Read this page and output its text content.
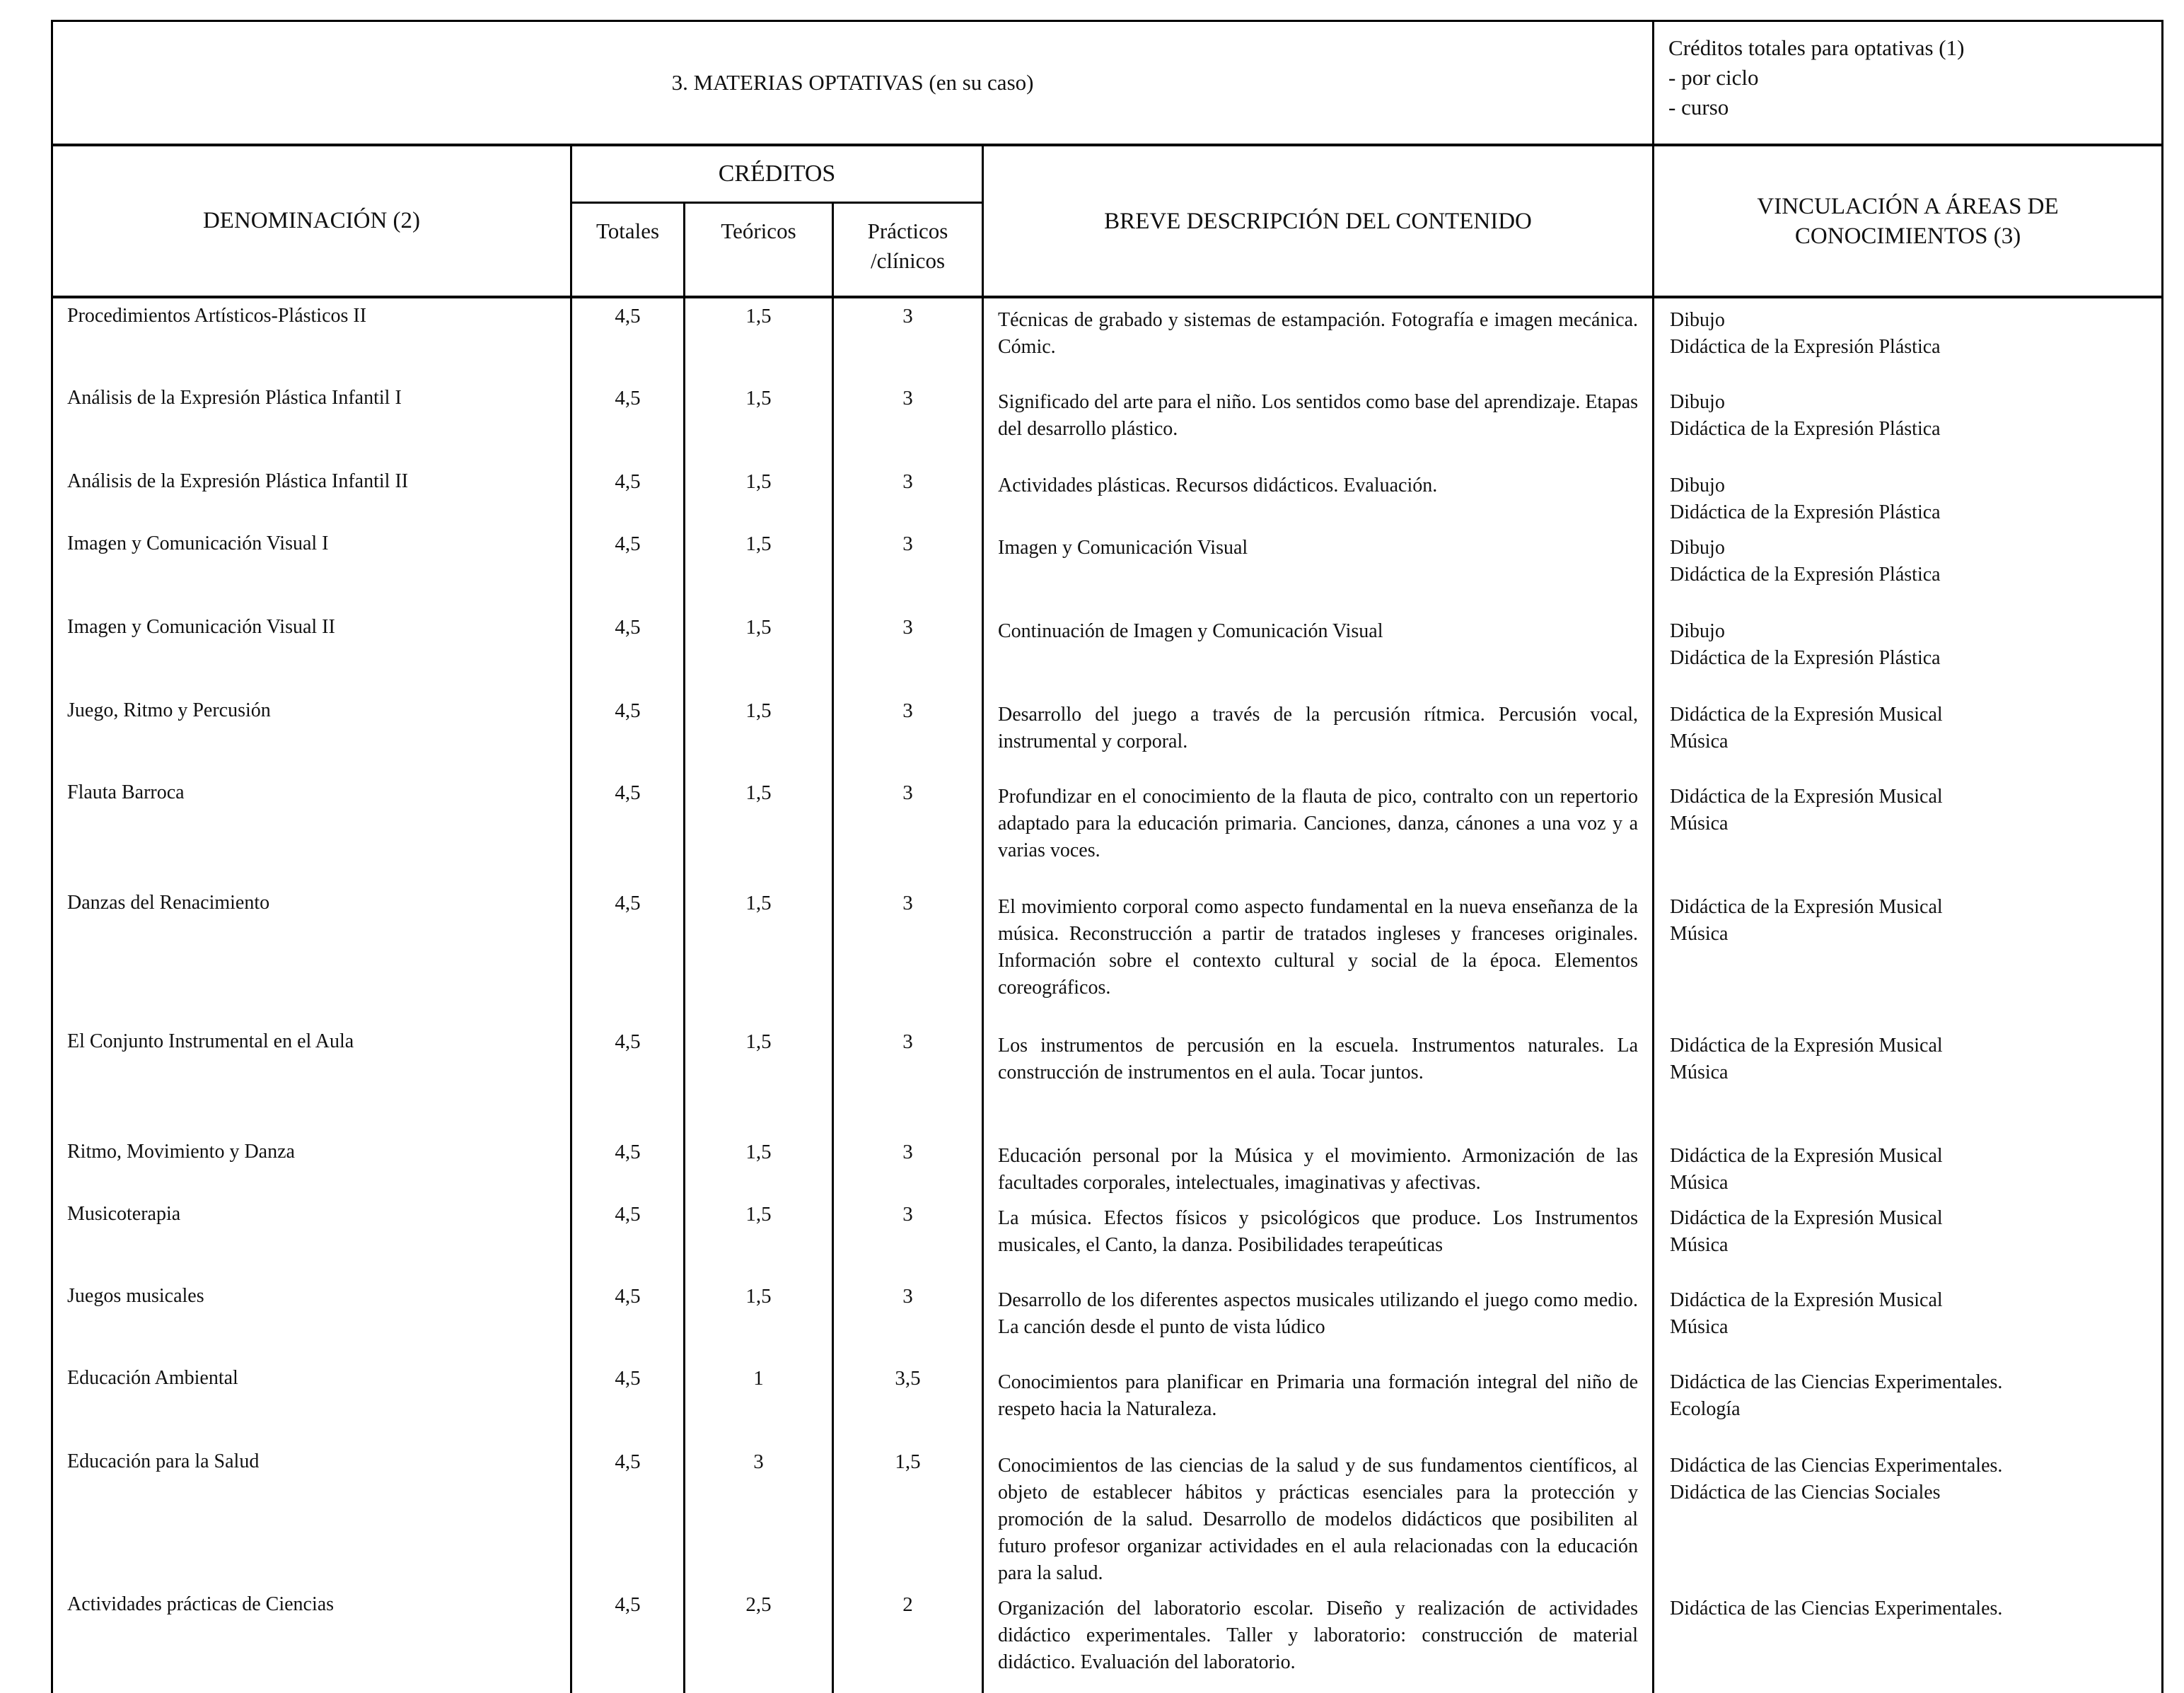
3. MATERIAS OPTATIVAS (en su caso)					Créditos totales para optativas (1)
- por ciclo
- curso

DENOMINACIÓN (2)	CRÉDITOS			BREVE DESCRIPCIÓN DEL CONTENIDO	VINCULACIÓN A ÁREAS DE CONOCIMIENTOS (3)

	Totales	Teóricos	Prácticos /clínicos		

Procedimientos Artísticos-Plásticos II	4,5	1,5	3	Técnicas de grabado y sistemas de estampación. Fotografía e imagen mecánica. Cómic.	Dibujo
Didáctica de la Expresión Plástica

Análisis de la Expresión Plástica Infantil I	4,5	1,5	3	Significado del arte para el niño. Los sentidos como base del aprendizaje. Etapas del desarrollo plástico.	Dibujo
Didáctica de la Expresión Plástica

Análisis de la Expresión Plástica Infantil II	4,5	1,5	3	Actividades plásticas. Recursos didácticos. Evaluación.	Dibujo
Didáctica de la Expresión Plástica

Imagen y Comunicación Visual I	4,5	1,5	3	Imagen y Comunicación Visual	Dibujo
Didáctica de la Expresión Plástica

Imagen y Comunicación Visual II	4,5	1,5	3	Continuación de Imagen y Comunicación Visual	Dibujo
Didáctica de la Expresión Plástica

Juego, Ritmo y Percusión	4,5	1,5	3	Desarrollo del juego a través de la percusión rítmica. Percusión vocal, instrumental y corporal.	Didáctica de la Expresión Musical
Música

Flauta Barroca	4,5	1,5	3	Profundizar en el conocimiento de la flauta de pico, contralto con un repertorio adaptado para la educación primaria. Canciones, danza, cánones a una voz y a varias voces.	Didáctica de la Expresión Musical
Música

Danzas del Renacimiento	4,5	1,5	3	El movimiento corporal como aspecto fundamental en la nueva enseñanza de la música. Reconstrucción a partir de tratados ingleses y franceses originales. Información sobre el contexto cultural y social de la época. Elementos coreográficos.	Didáctica de la Expresión Musical
Música

El Conjunto Instrumental en el Aula	4,5	1,5	3	Los instrumentos de percusión en la escuela. Instrumentos naturales. La construcción de instrumentos en el aula. Tocar juntos.	Didáctica de la Expresión Musical
Música

Ritmo, Movimiento y Danza	4,5	1,5	3	Educación personal por la Música y el movimiento. Armonización de las facultades corporales, intelectuales, imaginativas y afectivas.	Didáctica de la Expresión Musical
Música

Musicoterapia	4,5	1,5	3	La música. Efectos físicos y psicológicos que produce. Los Instrumentos musicales, el Canto, la danza. Posibilidades terapeúticas	Didáctica de la Expresión Musical
Música

Juegos musicales	4,5	1,5	3	Desarrollo de los diferentes aspectos musicales utilizando el juego como medio. La canción desde el punto de vista lúdico	Didáctica de la Expresión Musical
Música

Educación Ambiental	4,5	1	3,5	Conocimientos para planificar en Primaria una formación integral del niño de respeto hacia la Naturaleza.	Didáctica de las Ciencias Experimentales.
Ecología

Educación para la Salud	4,5	3	1,5	Conocimientos de las ciencias de la salud y de sus fundamentos científicos, al objeto de establecer hábitos y prácticas esenciales para la protección y promoción de la salud. Desarrollo de modelos didácticos que posibiliten al futuro profesor organizar actividades en el aula relacionadas con la educación para la salud.	Didáctica de las Ciencias Experimentales.
Didáctica de las Ciencias Sociales

Actividades prácticas de Ciencias	4,5	2,5	2	Organización del laboratorio escolar. Diseño y realización de actividades didáctico experimentales. Taller y laboratorio: construcción de material didáctico. Evaluación del laboratorio.	Didáctica de las Ciencias Experimentales.
